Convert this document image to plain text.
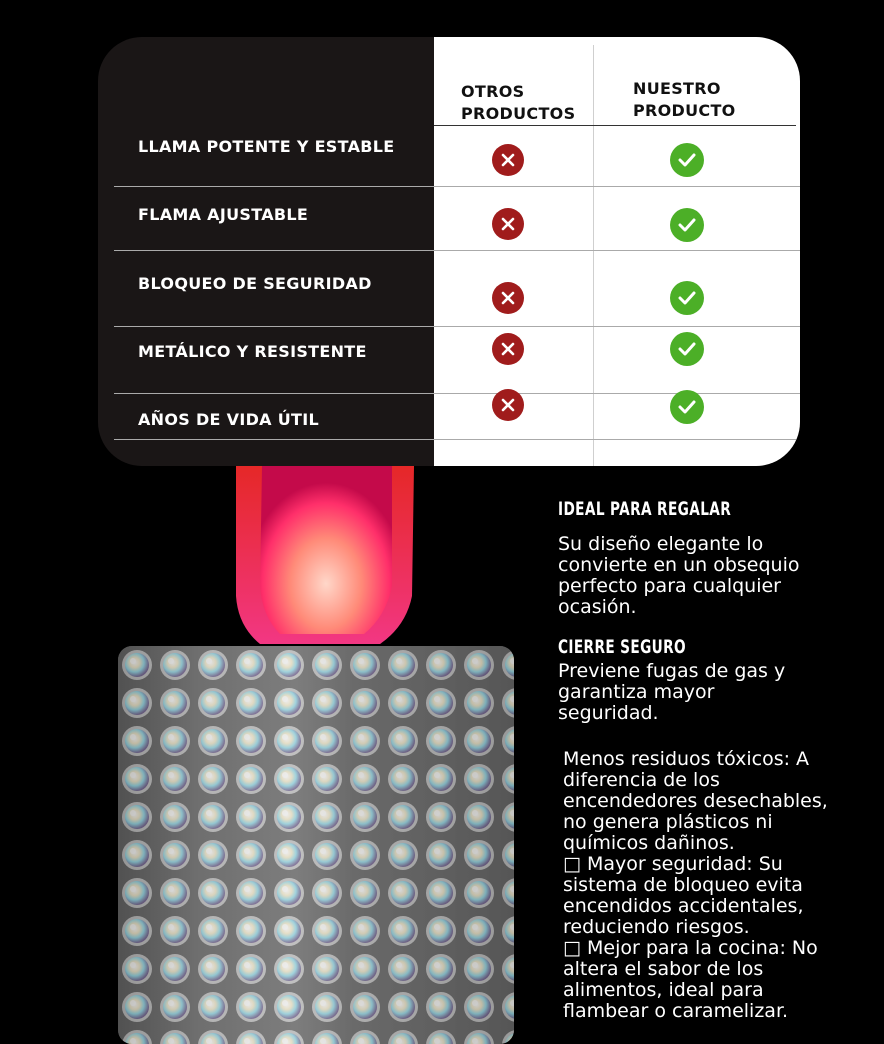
OTROS
PRODUCTOS
NUESTRO
PRODUCTO
LLAMA POTENTE Y ESTABLE
FLAMA AJUSTABLE
BLOQUEO DE SEGURIDAD
METÁLICO Y RESISTENTE
AÑOS DE VIDA ÚTIL
IDEAL PARA REGALAR
Su diseño elegante lo convierte en un obsequio perfecto para cualquier ocasión.
CIERRE SEGURO
Previene fugas de gas y garantiza mayor seguridad.
Menos residuos tóxicos: A diferencia de los encendedores desechables, no genera plásticos ni químicos dañinos.
□ Mayor seguridad: Su sistema de bloqueo evita encendidos accidentales, reduciendo riesgos.
□ Mejor para la cocina: No altera el sabor de los alimentos, ideal para flambear o caramelizar.
